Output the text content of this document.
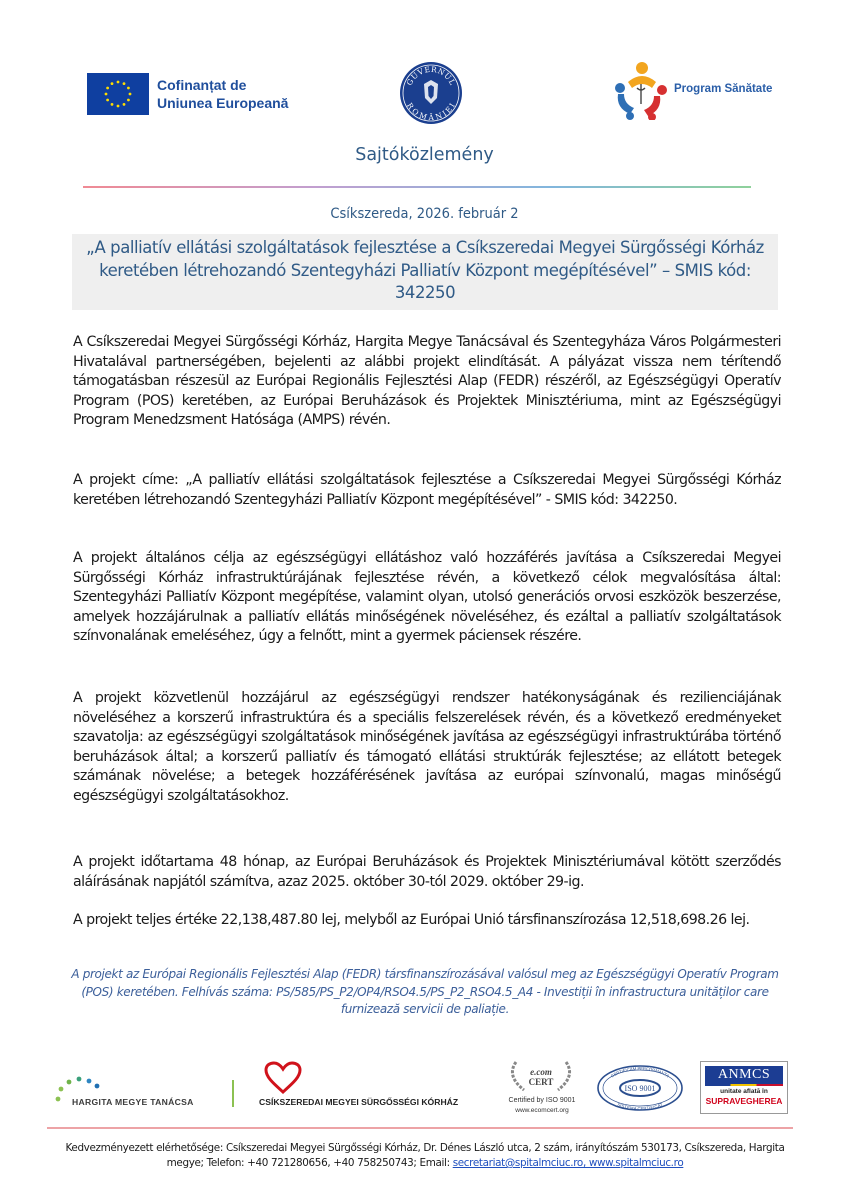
Cofinanțat de
Uniunea Europeană
GUVERNUL
ROMÂNIEI
Program Sănătate
Sajtóközlemény
Csíkszereda, 2026. február 2
„A palliatív ellátási szolgáltatások fejlesztése a Csíkszeredai Megyei Sürgősségi Kórház keretében létrehozandó Szentegyházi Palliatív Központ megépítésével” – SMIS kód: 342250
A Csíkszeredai Megyei Sürgősségi Kórház, Hargita Megye Tanácsával és Szentegyháza Város Polgármesteri Hivatalával partnerségében, bejelenti az alábbi projekt elindítását. A pályázat vissza nem térítendő támogatásban részesül az Európai Regionális Fejlesztési Alap (FEDR) részéről, az Egészségügyi Operatív Program (POS) keretében, az Európai Beruházások és Projektek Minisztériuma, mint az Egészségügyi Program Menedzsment Hatósága (AMPS) révén.
A projekt címe: „A palliatív ellátási szolgáltatások fejlesztése a Csíkszeredai Megyei Sürgősségi Kórház keretében létrehozandó Szentegyházi Palliatív Központ megépítésével” - SMIS kód: 342250.
A projekt általános célja az egészségügyi ellátáshoz való hozzáférés javítása a Csíkszeredai Megyei Sürgősségi Kórház infrastruktúrájának fejlesztése révén, a következő célok megvalósítása által: Szentegyházi Palliatív Központ megépítése, valamint olyan, utolsó generációs orvosi eszközök beszerzése, amelyek hozzájárulnak a palliatív ellátás minőségének növeléséhez, és ezáltal a palliatív szolgáltatások színvonalának emeléséhez, úgy a felnőtt, mint a gyermek páciensek részére.
A projekt közvetlenül hozzájárul az egészségügyi rendszer hatékonyságának és rezilienciájának növeléséhez a korszerű infrastruktúra és a speciális felszerelések révén, és a következő eredményeket szavatolja: az egészségügyi szolgáltatások minőségének javítása az egészségügyi infrastruktúrába történő beruházások által; a korszerű palliatív és támogató ellátási struktúrák fejlesztése; az ellátott betegek számának növelése; a betegek hozzáférésének javítása az európai színvonalú, magas minőségű egészségügyi szolgáltatásokhoz.
A projekt időtartama 48 hónap, az Európai Beruházások és Projektek Minisztériumával kötött szerződés aláírásának napjától számítva, azaz 2025. október 30-tól 2029. október 29-ig.
A projekt teljes értéke 22,138,487.80 lej, melyből az Európai Unió társfinanszírozása 12,518,698.26 lej.
A projekt az Európai Regionális Fejlesztési Alap (FEDR) társfinanszírozásával valósul meg az Egészségügyi Operatív Program (POS) keretében. Felhívás száma: PS/585/PS_P2/OP4/RSO4.5/PS_P2_RSO4.5_A4 - Investiții în infrastructura unităților care furnizează servicii de paliație.
HARGITA MEGYE TANÁCSA	CSÍKSZEREDAI MEGYEI SÜRGŐSSÉGI KÓRHÁZ
e.com
CERT
Certified by ISO 9001
www.ecomcert.org
CERTIFICAM PERFORMANTA
SISTEMA CERTIFICAT
ISO 9001
ANMCS
unitate aflată în
SUPRAVEGHEREA
Kedvezményezett elérhetősége: Csíkszeredai Megyei Sürgősségi Kórház, Dr. Dénes László utca, 2 szám, irányítószám 530173, Csíkszereda, Hargita
megye; Telefon: +40 721280656, +40 758250743; Email: secretariat@spitalmciuc.ro, www.spitalmciuc.ro
